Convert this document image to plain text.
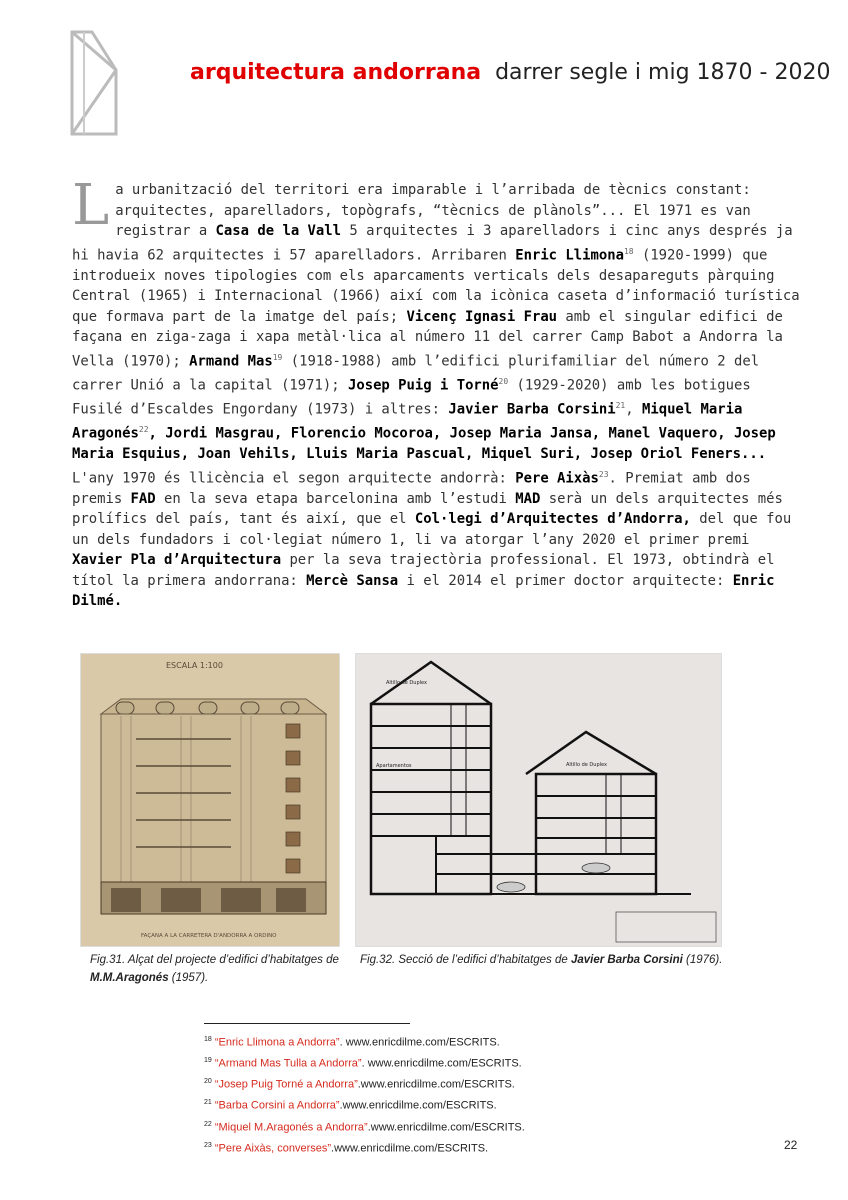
arquitectura andorrana darrer segle i mig 1870 - 2020
La urbanització del territori era imparable i l’arribada de tècnics constant: arquitectes, aparelladors, topògrafs, “tècnics de plànols”... El 1971 es van registrar a Casa de la Vall 5 arquitectes i 3 aparelladors i cinc anys després ja hi havia 62 arquitectes i 57 aparelladors. Arribaren Enric Llimona$^{18}$ (1920-1999) que introdueix noves tipologies com els aparcaments verticals dels desapareguts pàrquing Central (1965) i Internacional (1966) així com la icònica caseta d’informació turística que formava part de la imatge del país; Vicenç Ignasi Frau amb el singular edifici de façana en ziga-zaga i xapa metàl·lica al número 11 del carrer Camp Babot a Andorra la Vella (1970); Armand Mas$^{19}$ (1918-1988) amb l’edifici plurifamiliar del número 2 del carrer Unió a la capital (1971); Josep Puig i Torné$^{20}$ (1929-2020) amb les botigues Fusilé d’Escaldes Engordany (1973) i altres: Javier Barba Corsini$^{21}$, Miquel Maria Aragonés$^{22}$, Jordi Masgrau, Florencio Mocoroa, Josep Maria Jansa, Manel Vaquero, Josep Maria Esquius, Joan Vehils, Lluis Maria Pascual, Miquel Suri, Josep Oriol Feners... L'any 1970 és llicència el segon arquitecte andorrà: Pere Aixàs$^{23}$. Premiat amb dos premis FAD en la seva etapa barcelonina amb l’estudi MAD serà un dels arquitectes més prolífics del país, tant és així, que el Col·legi d’Arquitectes d’Andorra, del que fou un dels fundadors i col·legiat número 1, li va atorgar l’any 2020 el primer premi Xavier Pla d’Arquitectura per la seva trajectòria professional. El 1973, obtindrà el títol la primera andorrana: Mercè Sansa i el 2014 el primer doctor arquitecte: Enric Dilmé.
ESCALA 1:100
FAÇANA A LA CARRETERA D'ANDORRA A ORDINO
Altillo de Duplex
Altillo de Duplex
Apartamentos
Fig.31. Alçat del projecte d’edifici d’habitatges de M.M.Aragonés (1957).
Fig.32. Secció de l’edifici d’habitatges de Javier Barba Corsini (1976).
$^{18}$ “Enric Llimona a Andorra”. www.enricdilme.com/ESCRITS.
$^{19}$ “Armand Mas Tulla a Andorra”. www.enricdilme.com/ESCRITS.
$^{20}$ “Josep Puig Torné a Andorra”.www.enricdilme.com/ESCRITS.
$^{21}$ “Barba Corsini a Andorra”.www.enricdilme.com/ESCRITS.
$^{22}$ “Miquel M.Aragonés a Andorra”.www.enricdilme.com/ESCRITS.
$^{23}$ “Pere Aixàs, converses”.www.enricdilme.com/ESCRITS.	22
